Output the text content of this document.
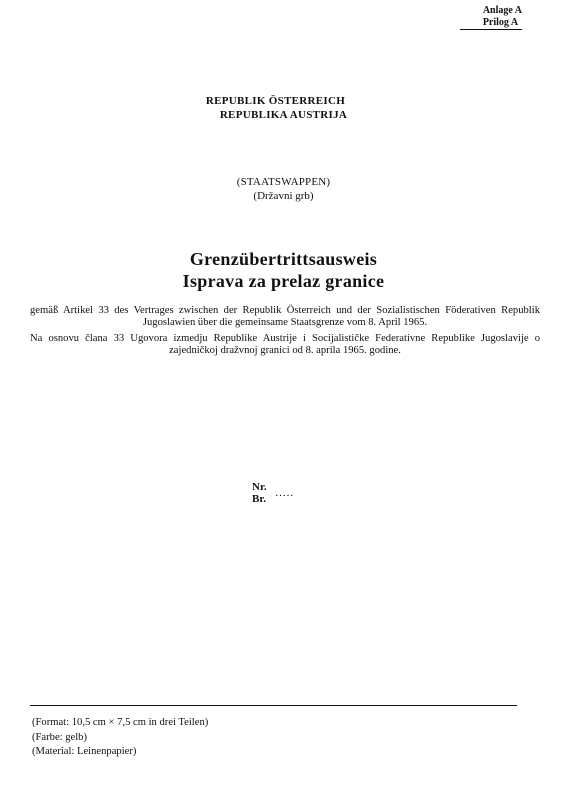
Anlage A
Prilog A
REPUBLIK ÖSTERREICH
REPUBLIKA AUSTRIJA
(STAATSWAPPEN)
(Državni grb)
Grenzübertrittsausweis
Isprava za prelaz granice

gemäß Artikel 33 des Vertrages zwischen der Republik Österreich und der Sozialistischen Föderativen Republik Jugoslawien über die gemeinsame Staatsgrenze vom 8. April 1965.

Na osnovu člana 33 Ugovora izmedju Republike Austrije i Socijalističke Federativne Republike Jugoslavije o zajedničkoj dražvnoj granici od 8. aprila 1965. godine.

Nr.
Br. .....
(Format: 10,5 cm × 7,5 cm in drei Teilen)
(Farbe: gelb)
(Material: Leinenpapier)
